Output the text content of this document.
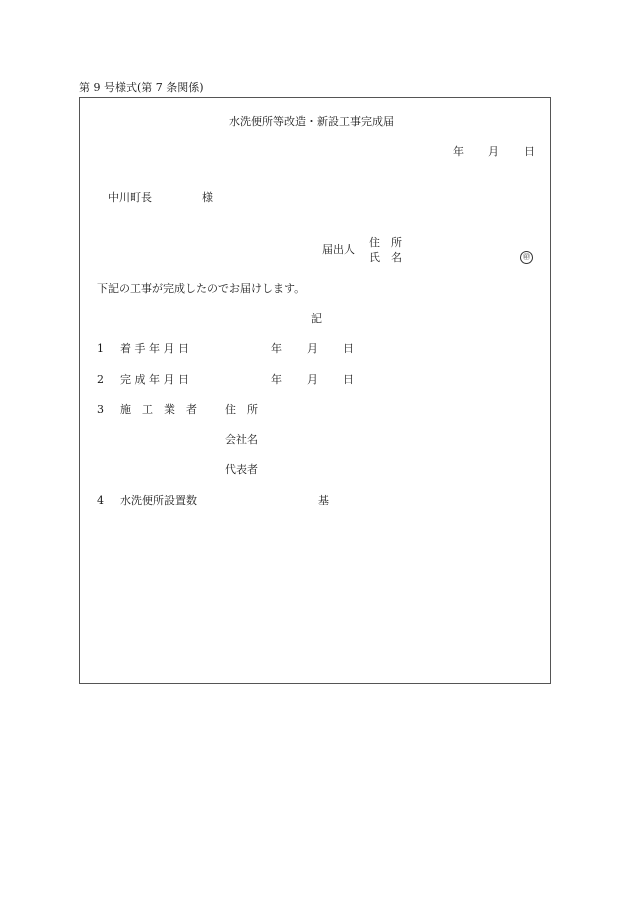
第 9 号様式(第 7 条関係)
水洗便所等改造・新設工事完成届
年 月 日
中川町長	様
届出人
住　所
氏　名	㊞
下記の工事が完成したのでお届けします。
記
1 着 手 年 月 日	年 月 日
2 完 成 年 月 日	年 月 日
3 施　工　業　者	住　所
会社名
代表者
4 水洗便所設置数	基
